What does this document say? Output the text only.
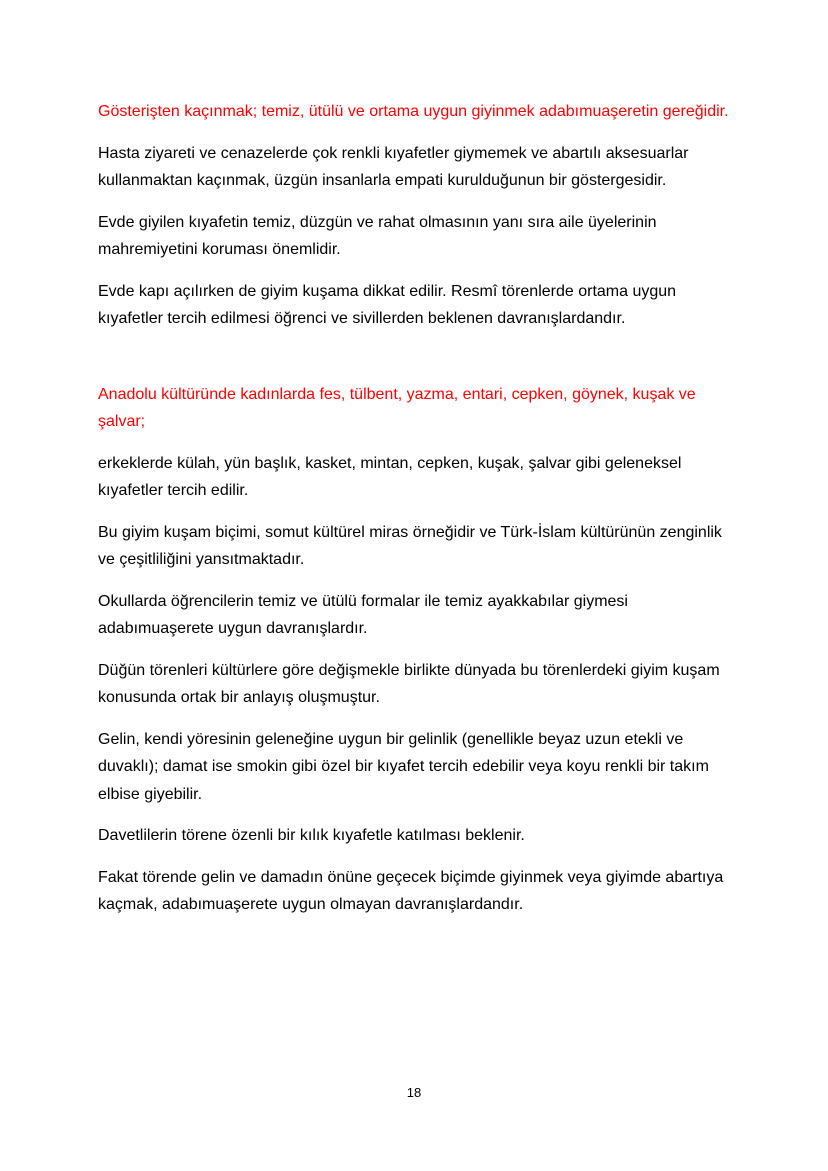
Gösterişten kaçınmak; temiz, ütülü ve ortama uygun giyinmek adabımuaşeretin gereğidir.

Hasta ziyareti ve cenazelerde çok renkli kıyafetler giymemek ve abartılı aksesuarlar kullanmaktan kaçınmak, üzgün insanlarla empati kurulduğunun bir göstergesidir.

Evde giyilen kıyafetin temiz, düzgün ve rahat olmasının yanı sıra aile üyelerinin mahremiyetini koruması önemlidir.

Evde kapı açılırken de giyim kuşama dikkat edilir. Resmî törenlerde ortama uygun kıyafetler tercih edilmesi öğrenci ve sivillerden beklenen davranışlardandır.

Anadolu kültüründe kadınlarda fes, tülbent, yazma, entari, cepken, göynek, kuşak ve şalvar;

erkeklerde külah, yün başlık, kasket, mintan, cepken, kuşak, şalvar gibi geleneksel kıyafetler tercih edilir.

Bu giyim kuşam biçimi, somut kültürel miras örneğidir ve Türk-İslam kültürünün zenginlik ve çeşitliliğini yansıtmaktadır.

Okullarda öğrencilerin temiz ve ütülü formalar ile temiz ayakkabılar giymesi adabımuaşerete uygun davranışlardır.

Düğün törenleri kültürlere göre değişmekle birlikte dünyada bu törenlerdeki giyim kuşam konusunda ortak bir anlayış oluşmuştur.

Gelin, kendi yöresinin geleneğine uygun bir gelinlik (genellikle beyaz uzun etekli ve duvaklı); damat ise smokin gibi özel bir kıyafet tercih edebilir veya koyu renkli bir takım elbise giyebilir.

Davetlilerin törene özenli bir kılık kıyafetle katılması beklenir.

Fakat törende gelin ve damadın önüne geçecek biçimde giyinmek veya giyimde abartıya kaçmak, adabımuaşerete uygun olmayan davranışlardandır.

18
